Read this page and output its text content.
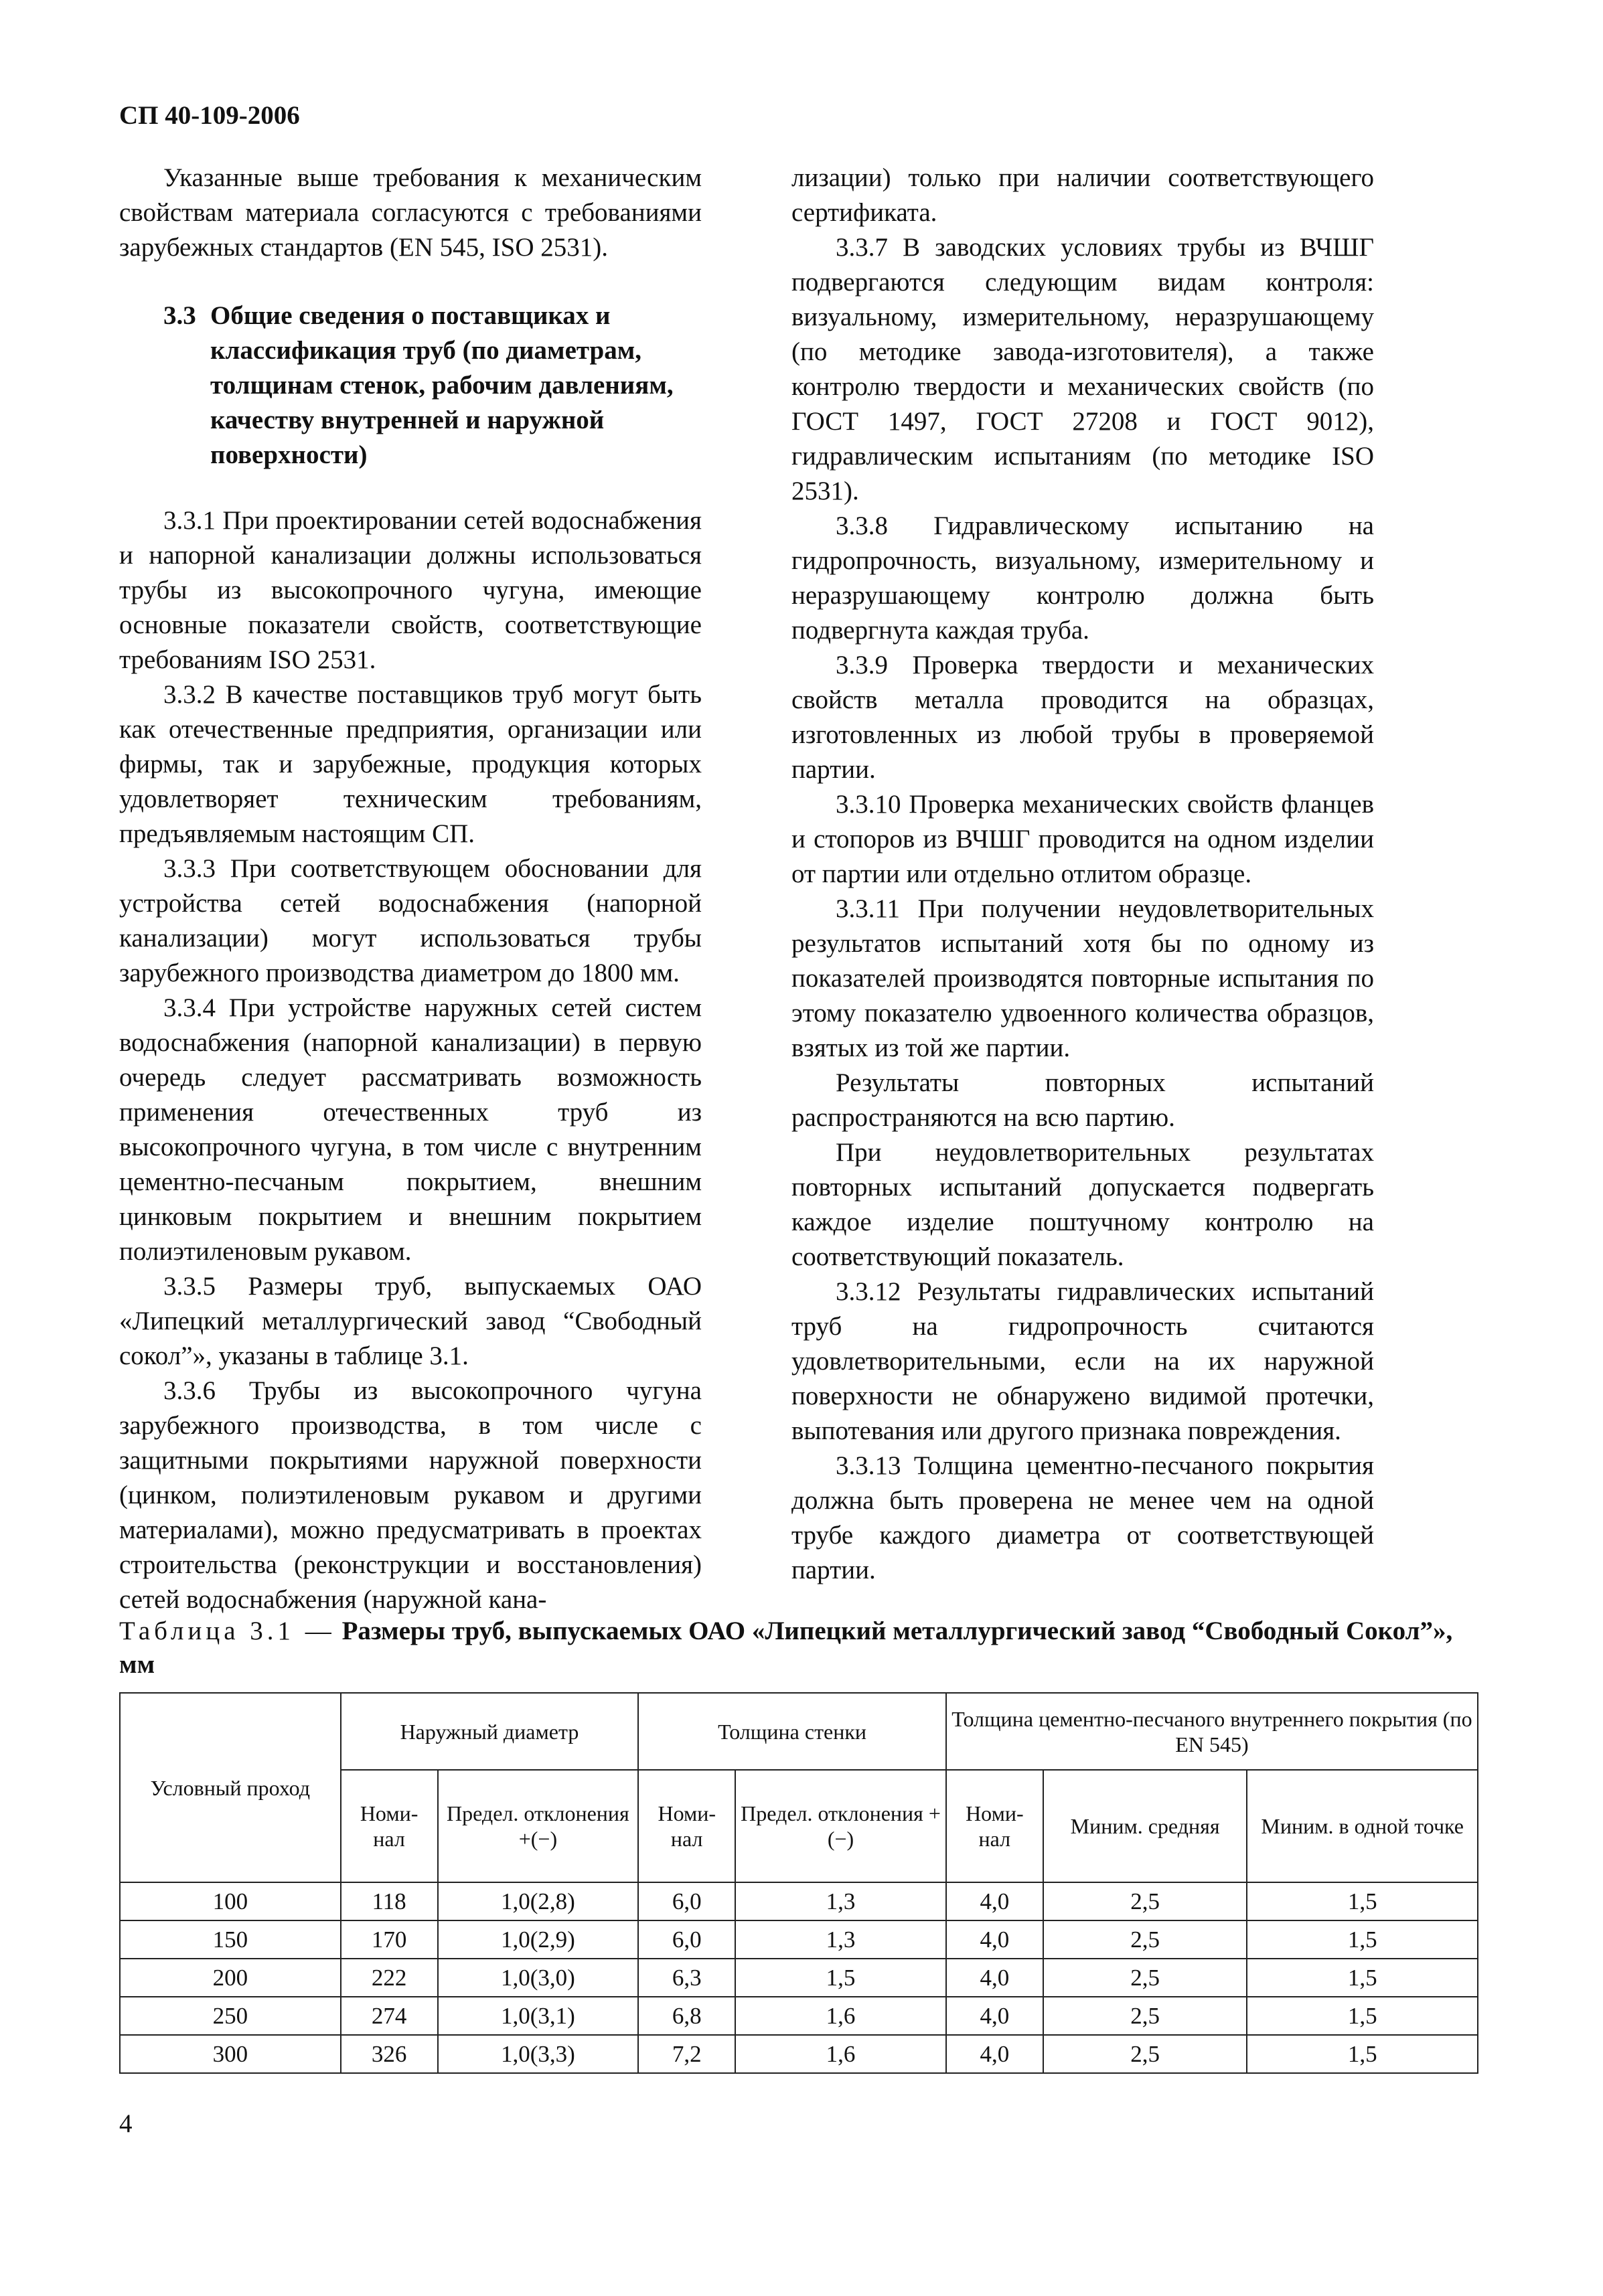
СП 40-109-2006

Указанные выше требования к механическим свойствам материала согласуются с требованиями зарубежных стандартов (EN 545, ISO 2531).

3.3 Общие сведения о поставщиках и классификация труб (по диаметрам, толщинам стенок, рабочим давлениям, качеству внутренней и наружной поверхности)

3.3.1 При проектировании сетей водоснабжения и напорной канализации должны использоваться трубы из высокопрочного чугуна, имеющие основные показатели свойств, соответствующие требованиям ISO 2531.

3.3.2 В качестве поставщиков труб могут быть как отечественные предприятия, организации или фирмы, так и зарубежные, продукция которых удовлетворяет техническим требованиям, предъявляемым настоящим СП.

3.3.3 При соответствующем обосновании для устройства сетей водоснабжения (напорной канализации) могут использоваться трубы зарубежного производства диаметром до 1800 мм.

3.3.4 При устройстве наружных сетей систем водоснабжения (напорной канализации) в первую очередь следует рассматривать возможность применения отечественных труб из высокопрочного чугуна, в том числе с внутренним цементно-песчаным покрытием, внешним цинковым покрытием и внешним покрытием полиэтиленовым рукавом.

3.3.5 Размеры труб, выпускаемых ОАО «Липецкий металлургический завод “Свободный сокол”», указаны в таблице 3.1.

3.3.6 Трубы из высокопрочного чугуна зарубежного производства, в том числе с защитными покрытиями наружной поверхности (цинком, полиэтиленовым рукавом и другими материалами), можно предусматривать в проектах строительства (реконструкции и восстановления) сетей водоснабжения (наружной кана-

лизации) только при наличии соответствующего сертификата.

3.3.7 В заводских условиях трубы из ВЧШГ подвергаются следующим видам контроля: визуальному, измерительному, неразрушающему (по методике завода-изготовителя), а также контролю твердости и механических свойств (по ГОСТ 1497, ГОСТ 27208 и ГОСТ 9012), гидравлическим испытаниям (по методике ISO 2531).

3.3.8 Гидравлическому испытанию на гидропрочность, визуальному, измерительному и неразрушающему контролю должна быть подвергнута каждая труба.

3.3.9 Проверка твердости и механических свойств металла проводится на образцах, изготовленных из любой трубы в проверяемой партии.

3.3.10 Проверка механических свойств фланцев и стопоров из ВЧШГ проводится на одном изделии от партии или отдельно отлитом образце.

3.3.11 При получении неудовлетворительных результатов испытаний хотя бы по одному из показателей производятся повторные испытания по этому показателю удвоенного количества образцов, взятых из той же партии.

Результаты повторных испытаний распространяются на всю партию.

При неудовлетворительных результатах повторных испытаний допускается подвергать каждое изделие поштучному контролю на соответствующий показатель.

3.3.12 Результаты гидравлических испытаний труб на гидропрочность считаются удовлетворительными, если на их наружной поверхности не обнаружено видимой протечки, выпотевания или другого признака повреждения.

3.3.13 Толщина цементно-песчаного покрытия должна быть проверена не менее чем на одной трубе каждого диаметра от соответствующей партии.

Таблица 3.1 — Размеры труб, выпускаемых ОАО «Липецкий металлургический завод “Свободный Сокол”», мм
Условный проход	Наружный диаметр		Толщина стенки		Толщина цементно-песчаного внутреннего покрытия (по EN 545)		
	Номи- нал	Предел. отклонения +(−)	Номи- нал	Предел. отклонения +(−)	Номи- нал	Миним. средняя	Миним. в одной точке
100	118	1,0(2,8)	6,0	1,3	4,0	2,5	1,5
150	170	1,0(2,9)	6,0	1,3	4,0	2,5	1,5
200	222	1,0(3,0)	6,3	1,5	4,0	2,5	1,5
250	274	1,0(3,1)	6,8	1,6	4,0	2,5	1,5
300	326	1,0(3,3)	7,2	1,6	4,0	2,5	1,5
4
